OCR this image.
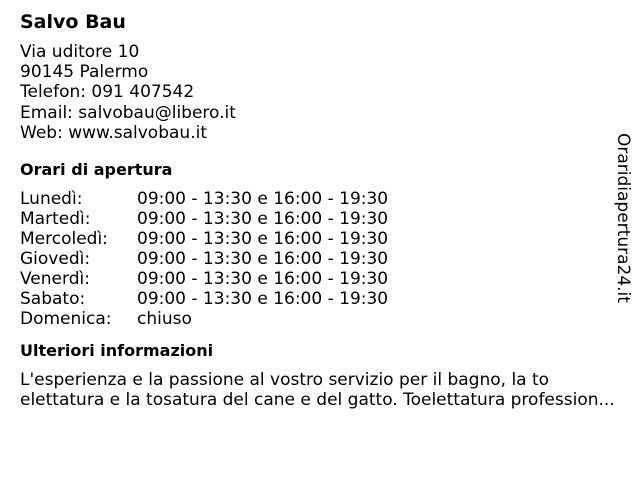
Salvo Bau
Via uditore 10
90145 Palermo
Telefon: 091 407542
Email: salvobau@libero.it
Web: www.salvobau.it
Orari di apertura
Lunedì:	09:00 - 13:30 e 16:00 - 19:30
Martedì:	09:00 - 13:30 e 16:00 - 19:30
Mercoledì:	09:00 - 13:30 e 16:00 - 19:30
Giovedì:	09:00 - 13:30 e 16:00 - 19:30
Venerdì:	09:00 - 13:30 e 16:00 - 19:30
Sabato:	09:00 - 13:30 e 16:00 - 19:30
Domenica:	chiuso
Ulteriori informazioni
L'esperienza e la passione al vostro servizio per il bagno, la to
elettatura e la tosatura del cane e del gatto. Toelettatura profession...
Oraridiapertura24.it
